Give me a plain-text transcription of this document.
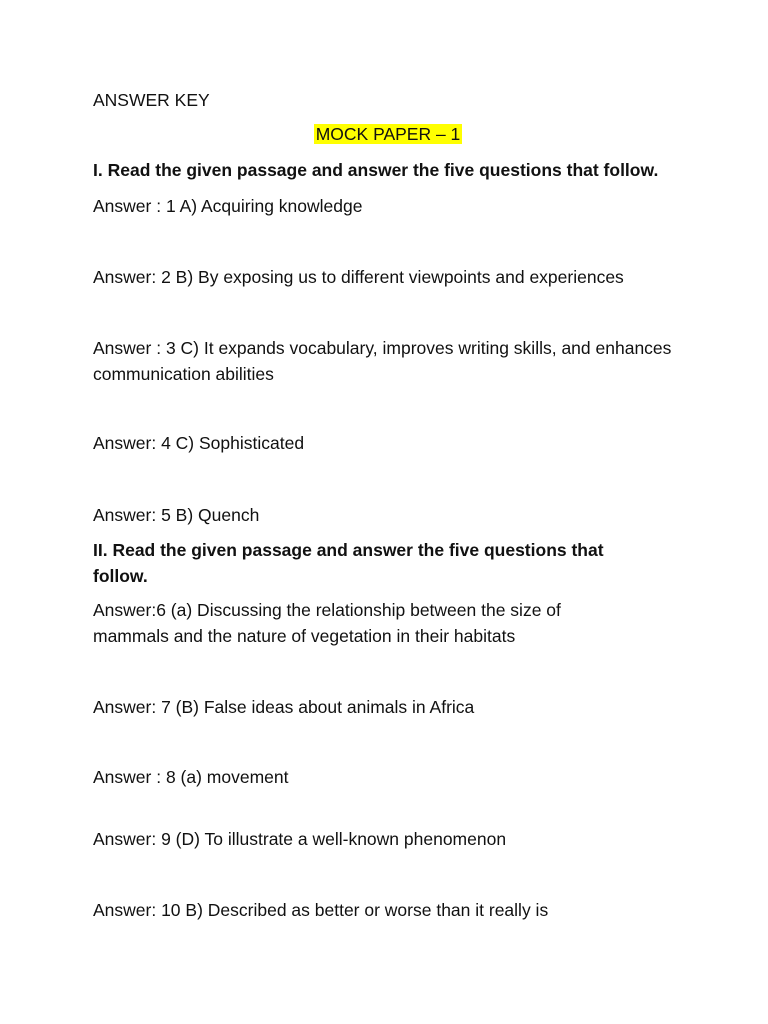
ANSWER KEY
MOCK PAPER – 1
I. Read the given passage and answer the five questions that follow.
Answer : 1 A) Acquiring knowledge
Answer: 2 B) By exposing us to different viewpoints and experiences
Answer : 3 C) It expands vocabulary, improves writing skills, and enhances communication abilities
Answer: 4 C) Sophisticated
Answer: 5 B) Quench
II. Read the given passage and answer the five questions that follow.
Answer:6 (a) Discussing the relationship between the size of mammals and the nature of vegetation in their habitats
Answer: 7 (B) False ideas about animals in Africa
Answer : 8 (a) movement
Answer: 9 (D) To illustrate a well-known phenomenon
Answer: 10 B) Described as better or worse than it really is
